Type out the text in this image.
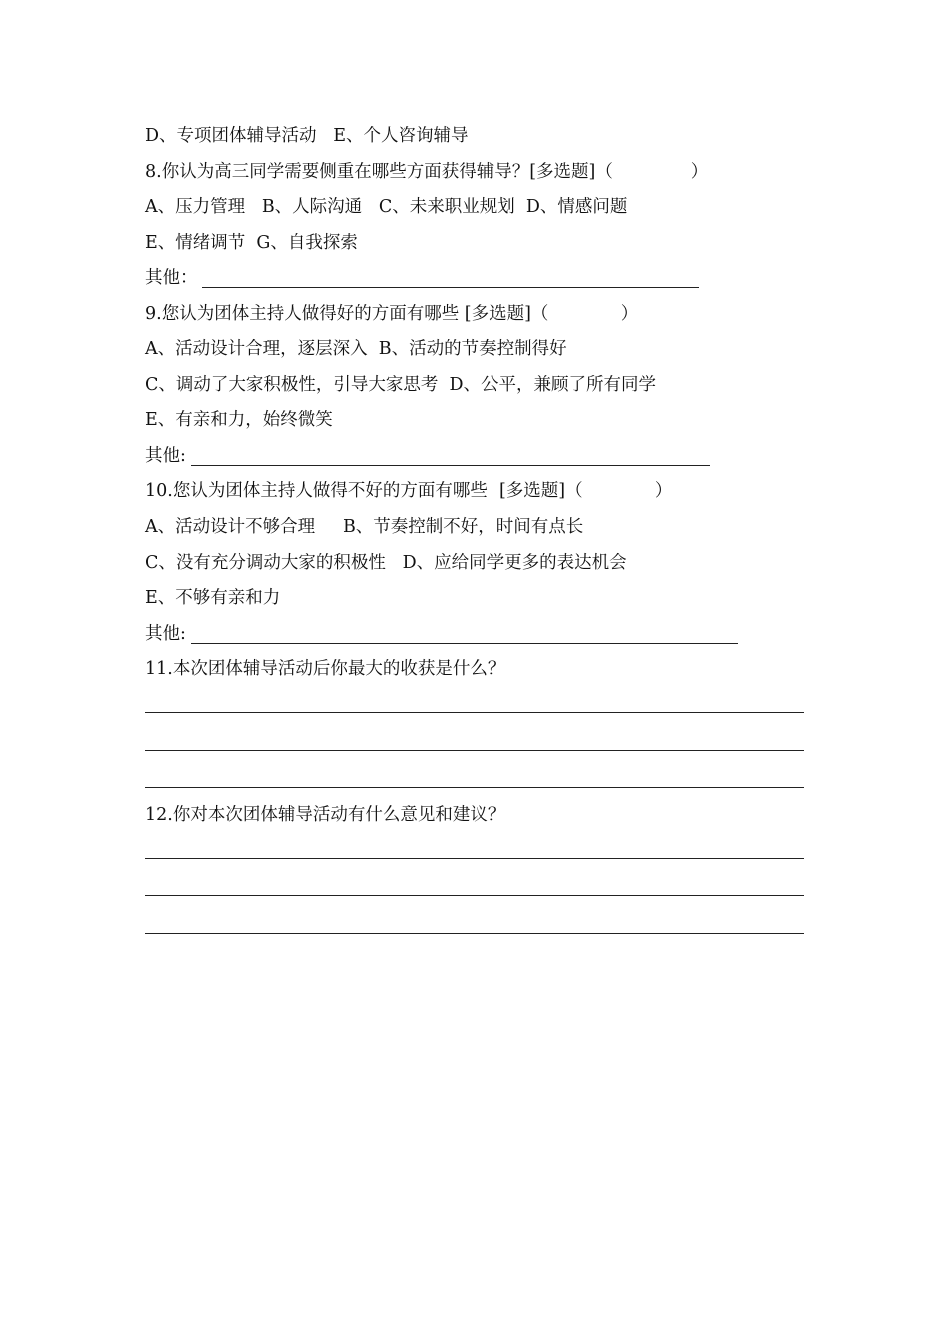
D、专项团体辅导活动   E、个人咨询辅导
8.你认为高三同学需要侧重在哪些方面获得辅导？[多选题]（              ）
A、压力管理   B、人际沟通   C、未来职业规划  D、情感问题
E、情绪调节  G、自我探索
其他：
9.您认为团体主持人做得好的方面有哪些 [多选题]（             ）
A、活动设计合理，逐层深入  B、活动的节奏控制得好
C、调动了大家积极性，引导大家思考  D、公平，兼顾了所有同学
E、有亲和力，始终微笑
其他:
10.您认为团体主持人做得不好的方面有哪些  [多选题]（             ）
A、活动设计不够合理     B、节奏控制不好，时间有点长
C、没有充分调动大家的积极性   D、应给同学更多的表达机会
E、不够有亲和力
其他:
11.本次团体辅导活动后你最大的收获是什么？
12.你对本次团体辅导活动有什么意见和建议？
